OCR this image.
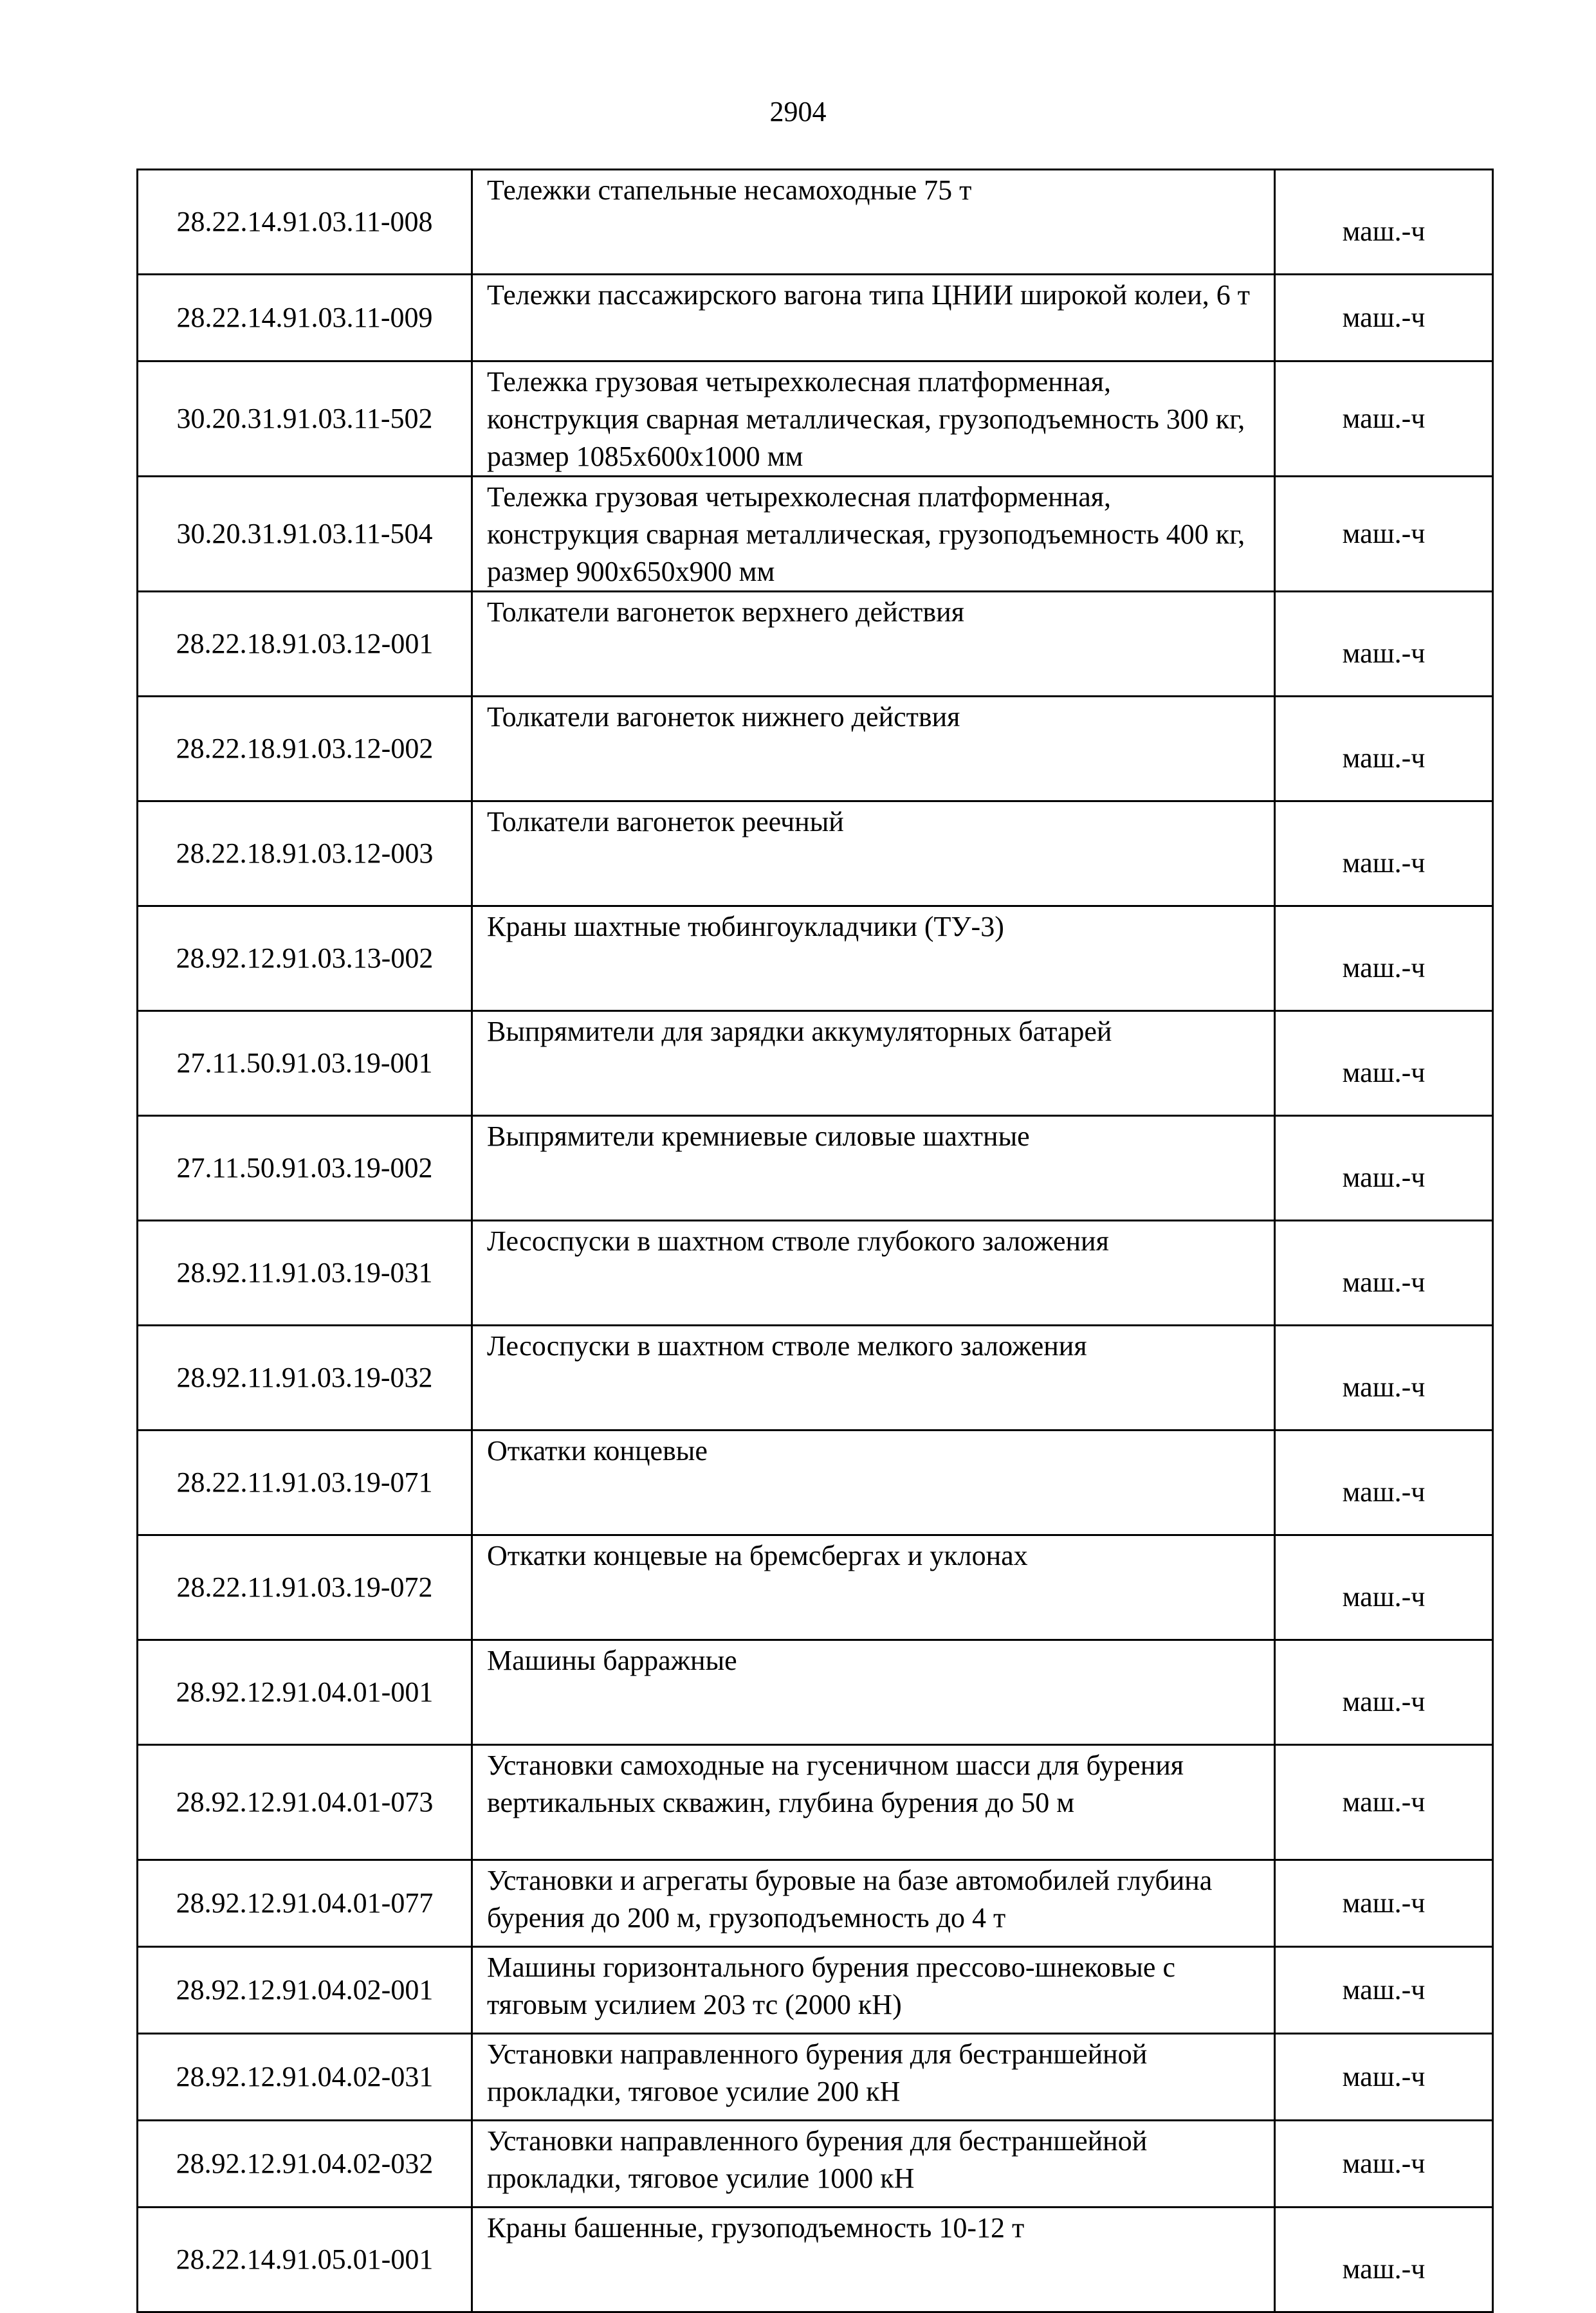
2904
28.22.14.91.03.11-008	Тележки стапельные несамоходные 75 т	маш.-ч
28.22.14.91.03.11-009	Тележки пассажирского вагона типа ЦНИИ широкой колеи, 6 т	маш.-ч
30.20.31.91.03.11-502	Тележка грузовая четырехколесная платформенная, конструкция сварная металлическая, грузоподъемность 300 кг, размер 1085х600х1000 мм	маш.-ч
30.20.31.91.03.11-504	Тележка грузовая четырехколесная платформенная, конструкция сварная металлическая, грузоподъемность 400 кг, размер 900х650х900 мм	маш.-ч
28.22.18.91.03.12-001	Толкатели вагонеток верхнего действия	маш.-ч
28.22.18.91.03.12-002	Толкатели вагонеток нижнего действия	маш.-ч
28.22.18.91.03.12-003	Толкатели вагонеток реечный	маш.-ч
28.92.12.91.03.13-002	Краны шахтные тюбингоукладчики (ТУ-3)	маш.-ч
27.11.50.91.03.19-001	Выпрямители для зарядки аккумуляторных батарей	маш.-ч
27.11.50.91.03.19-002	Выпрямители кремниевые силовые шахтные	маш.-ч
28.92.11.91.03.19-031	Лесоспуски в шахтном стволе глубокого заложения	маш.-ч
28.92.11.91.03.19-032	Лесоспуски в шахтном стволе мелкого заложения	маш.-ч
28.22.11.91.03.19-071	Откатки концевые	маш.-ч
28.22.11.91.03.19-072	Откатки концевые на бремсбергах и уклонах	маш.-ч
28.92.12.91.04.01-001	Машины барражные	маш.-ч
28.92.12.91.04.01-073	Установки самоходные на гусеничном шасси для бурения вертикальных скважин, глубина бурения до 50 м	маш.-ч
28.92.12.91.04.01-077	Установки и агрегаты буровые на базе автомобилей глубина бурения до 200 м, грузоподъемность до 4 т	маш.-ч
28.92.12.91.04.02-001	Машины горизонтального бурения прессово-шнековые с тяговым усилием 203 тс (2000 кН)	маш.-ч
28.92.12.91.04.02-031	Установки направленного бурения для бестраншейной прокладки, тяговое усилие 200 кН	маш.-ч
28.92.12.91.04.02-032	Установки направленного бурения для бестраншейной прокладки, тяговое усилие 1000 кН	маш.-ч
28.22.14.91.05.01-001	Краны башенные, грузоподъемность 10-12 т	маш.-ч
